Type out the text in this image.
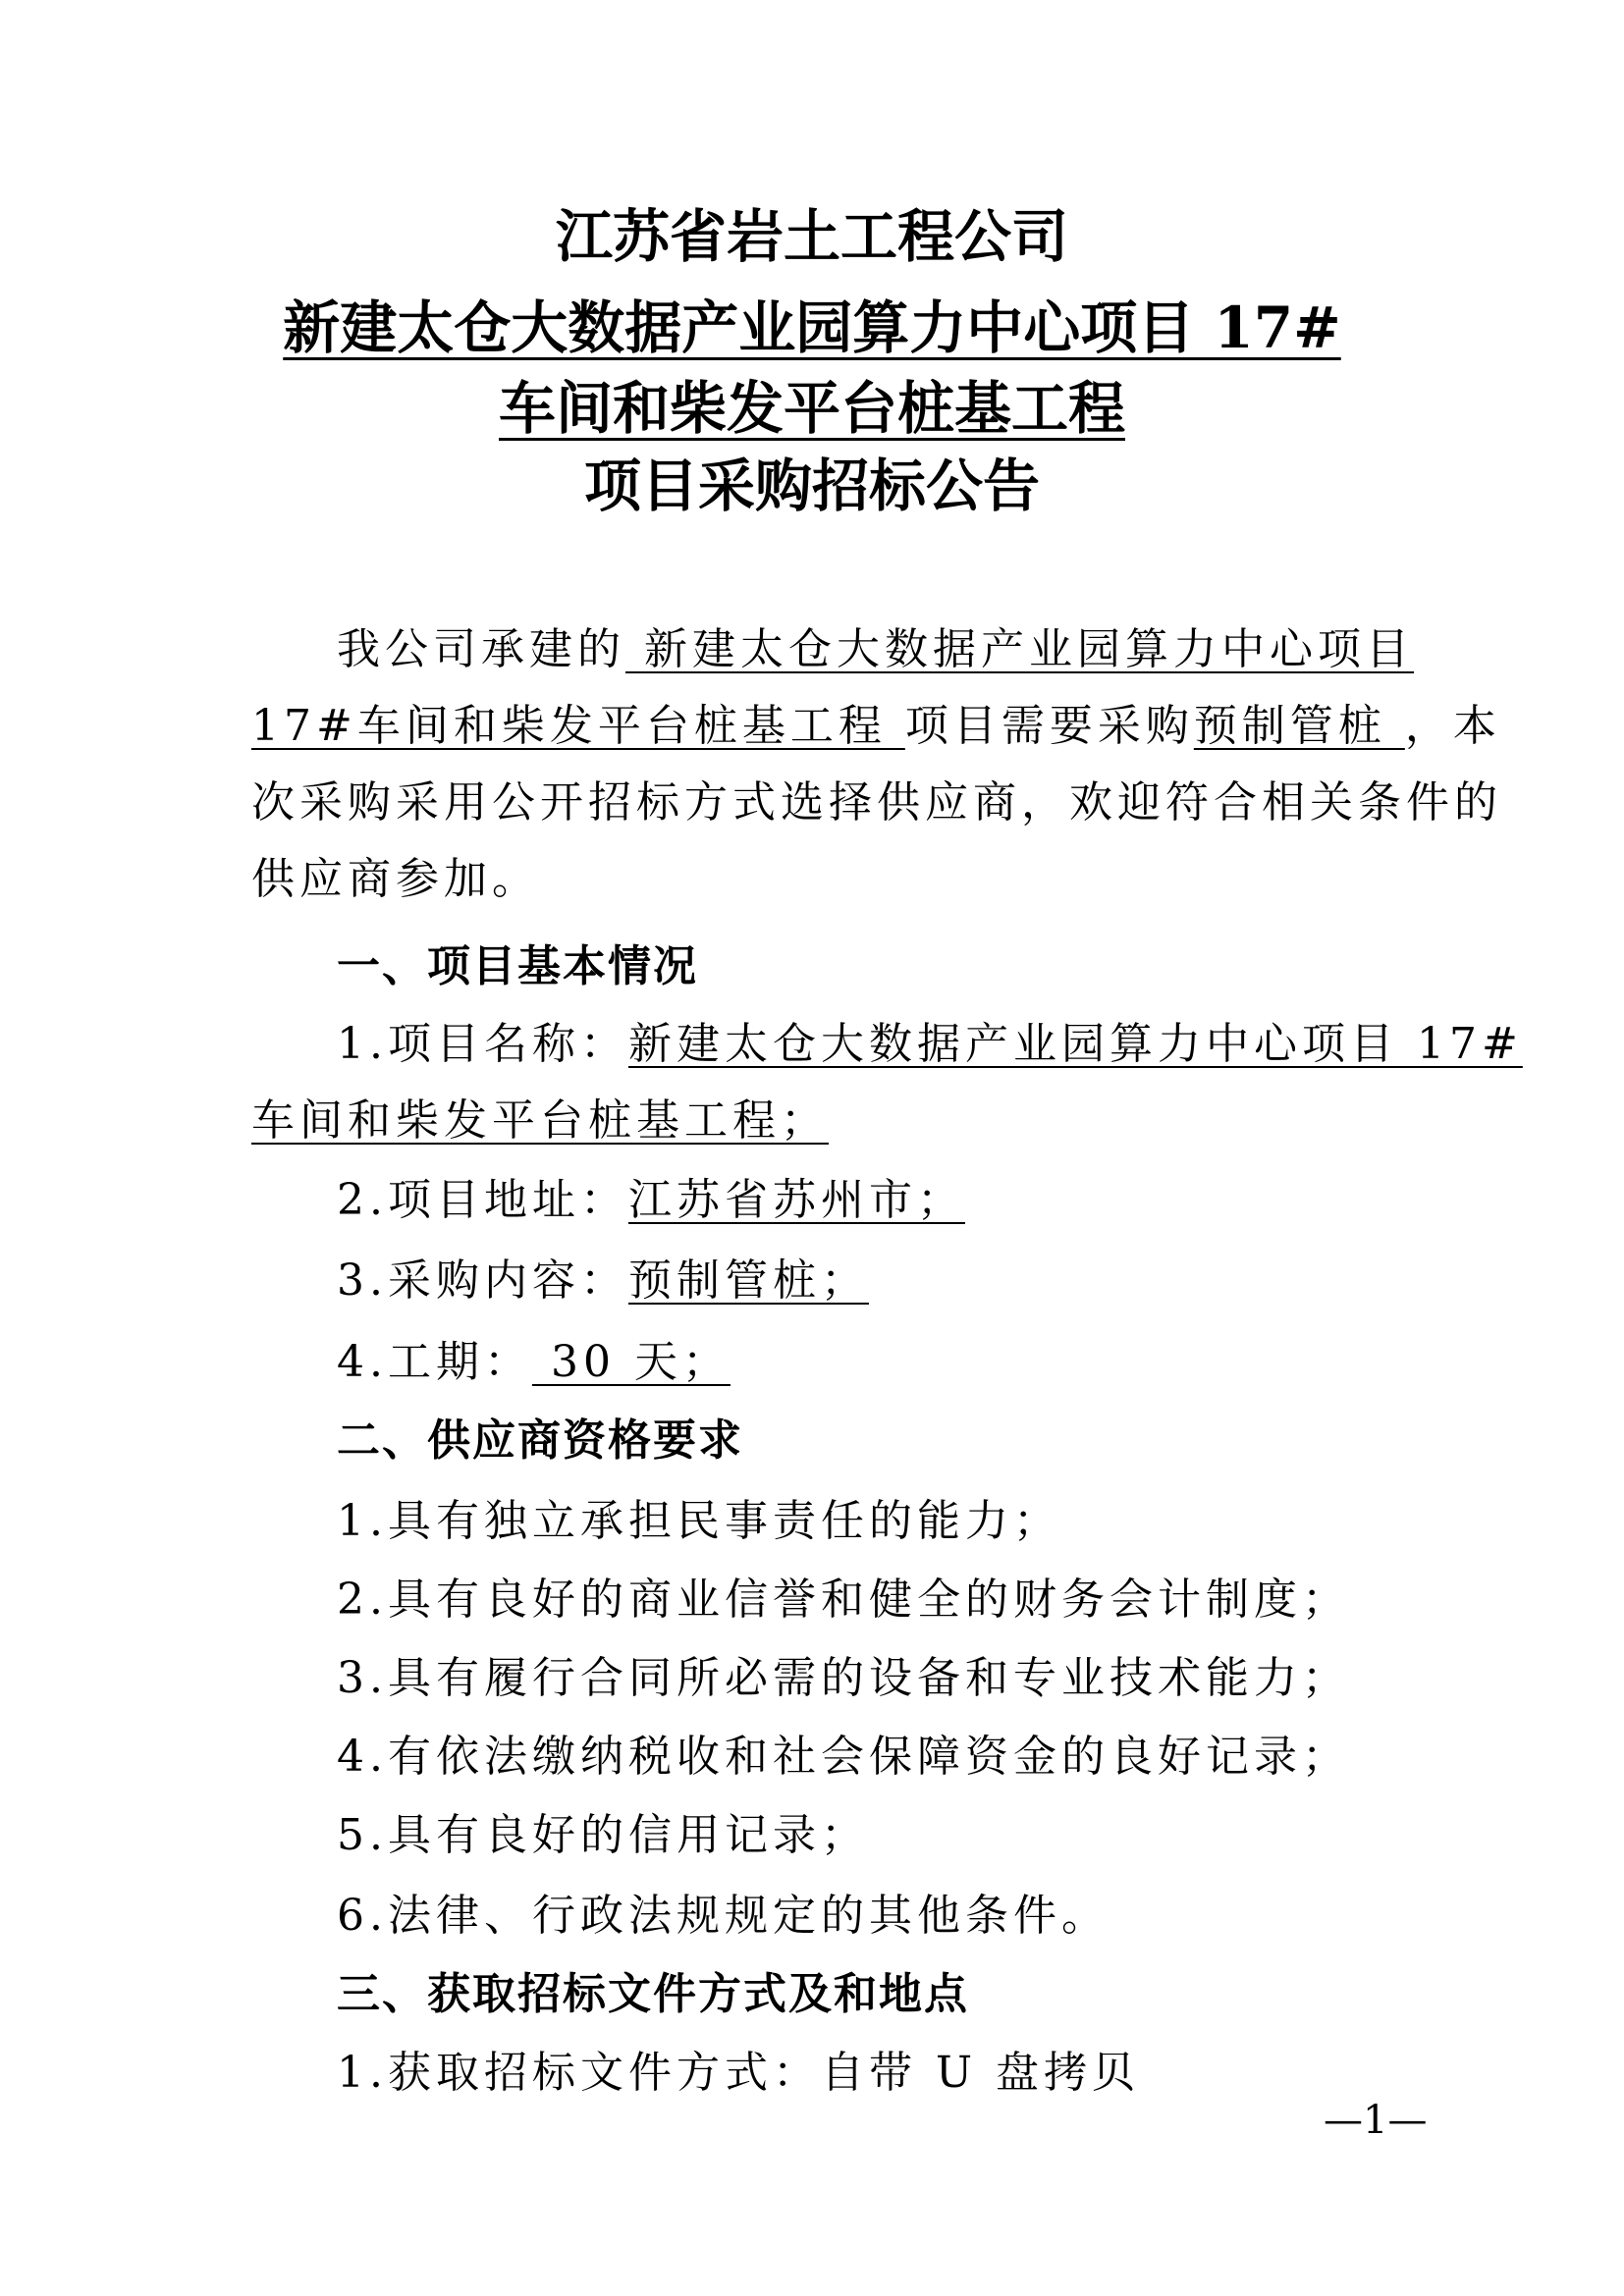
江苏省岩土工程公司
新建太仓大数据产业园算力中心项目 17#
车间和柴发平台桩基工程
项目采购招标公告
我公司承建的 新建太仓大数据产业园算力中心项目
17#车间和柴发平台桩基工程 项目需要采购预制管桩 ，本
次采购采用公开招标方式选择供应商，欢迎符合相关条件的
供应商参加。
一、项目基本情况
1.项目名称：新建太仓大数据产业园算力中心项目 17#
车间和柴发平台桩基工程；
2.项目地址：江苏省苏州市；
3.采购内容：预制管桩；
4.工期： 30 天；
二、供应商资格要求
1.具有独立承担民事责任的能力；
2.具有良好的商业信誉和健全的财务会计制度；
3.具有履行合同所必需的设备和专业技术能力；
4.有依法缴纳税收和社会保障资金的良好记录；
5.具有良好的信用记录；
6.法律、行政法规规定的其他条件。
三、获取招标文件方式及和地点
1.获取招标文件方式：自带 U 盘拷贝
—1—
